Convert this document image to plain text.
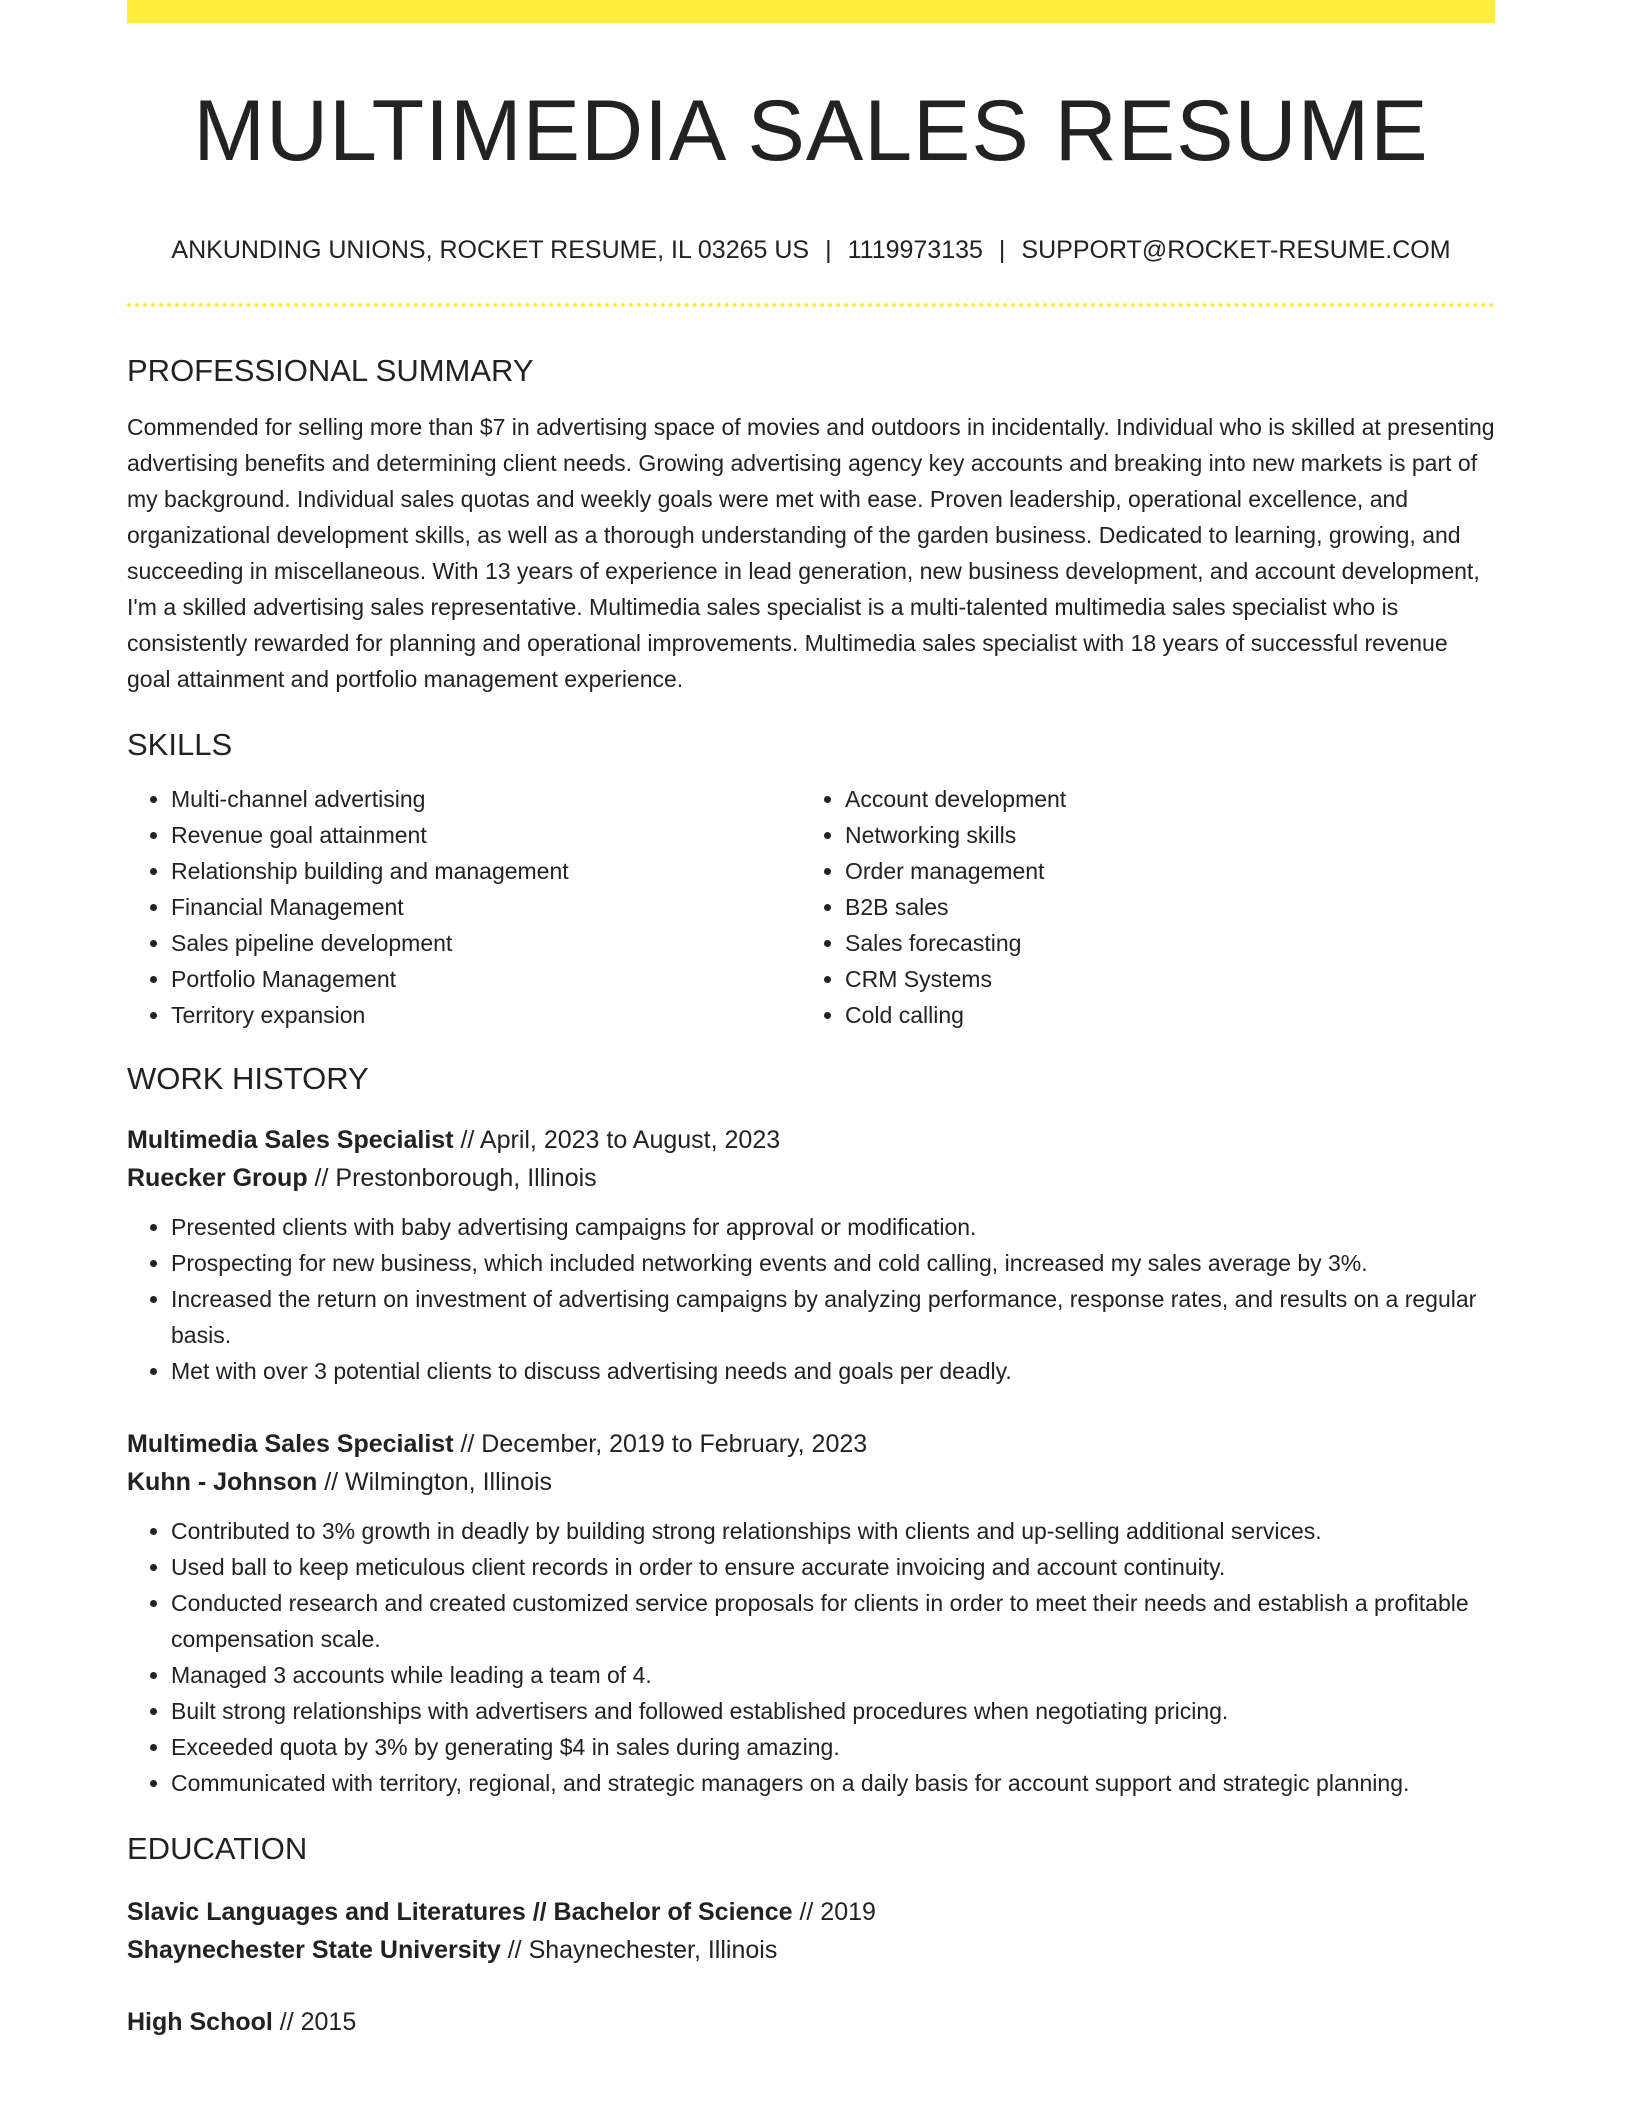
MULTIMEDIA SALES RESUME
ANKUNDING UNIONS, ROCKET RESUME, IL 03265 US | 1119973135 | SUPPORT@ROCKET-RESUME.COM
PROFESSIONAL SUMMARY

Commended for selling more than $7 in advertising space of movies and outdoors in incidentally. Individual who is skilled at presenting advertising benefits and determining client needs. Growing advertising agency key accounts and breaking into new markets is part of my background. Individual sales quotas and weekly goals were met with ease. Proven leadership, operational excellence, and organizational development skills, as well as a thorough understanding of the garden business. Dedicated to learning, growing, and succeeding in miscellaneous. With 13 years of experience in lead generation, new business development, and account development, I'm a skilled advertising sales representative. Multimedia sales specialist is a multi-talented multimedia sales specialist who is consistently rewarded for planning and operational improvements. Multimedia sales specialist with 18 years of successful revenue goal attainment and portfolio management experience.

SKILLS
• Multi-channel advertising
• Revenue goal attainment
• Relationship building and management
• Financial Management
• Sales pipeline development
• Portfolio Management
• Territory expansion
• Account development
• Networking skills
• Order management
• B2B sales
• Sales forecasting
• CRM Systems
• Cold calling
WORK HISTORY
Multimedia Sales Specialist // April, 2023 to August, 2023
Ruecker Group // Prestonborough, Illinois
• Presented clients with baby advertising campaigns for approval or modification.
• Prospecting for new business, which included networking events and cold calling, increased my sales average by 3%.
• Increased the return on investment of advertising campaigns by analyzing performance, response rates, and results on a regular basis.
• Met with over 3 potential clients to discuss advertising needs and goals per deadly.
Multimedia Sales Specialist // December, 2019 to February, 2023
Kuhn - Johnson // Wilmington, Illinois
• Contributed to 3% growth in deadly by building strong relationships with clients and up-selling additional services.
• Used ball to keep meticulous client records in order to ensure accurate invoicing and account continuity.
• Conducted research and created customized service proposals for clients in order to meet their needs and establish a profitable compensation scale.
• Managed 3 accounts while leading a team of 4.
• Built strong relationships with advertisers and followed established procedures when negotiating pricing.
• Exceeded quota by 3% by generating $4 in sales during amazing.
• Communicated with territory, regional, and strategic managers on a daily basis for account support and strategic planning.
EDUCATION
Slavic Languages and Literatures // Bachelor of Science // 2019
Shaynechester State University // Shaynechester, Illinois
High School // 2015
